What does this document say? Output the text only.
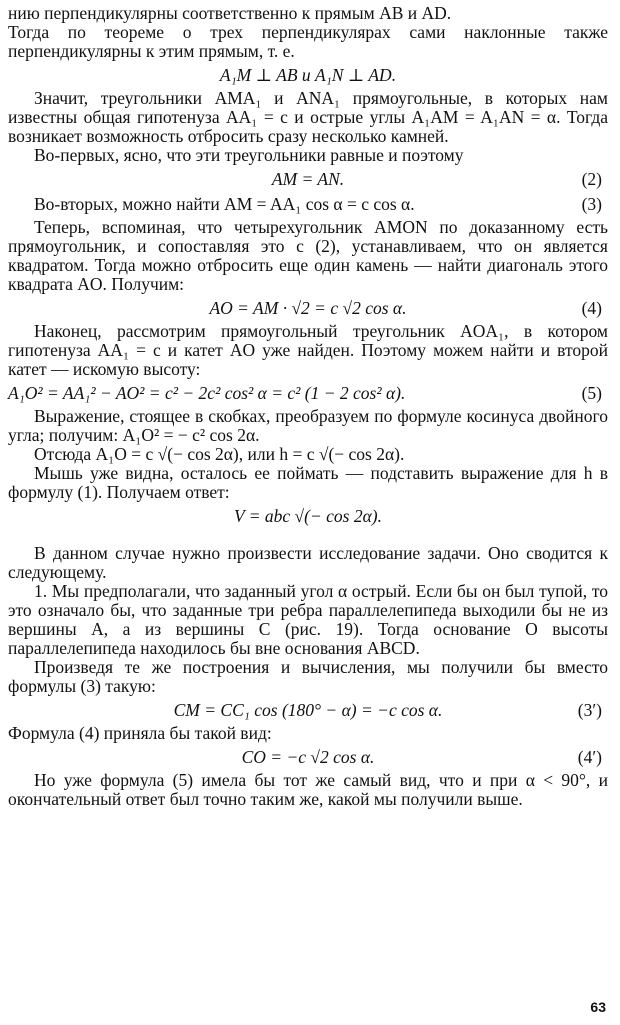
нию перпендикулярны соответственно к прямым AB и AD.

Тогда по теореме о трех перпендикулярах сами наклонные также перпендикулярны к этим прямым, т. е.

A₁M ⊥ AB и A₁N ⊥ AD.

Значит, треугольники AMA₁ и ANA₁ прямоугольные, в которых нам известны общая гипотенуза AA₁ = c и острые углы A₁AM = A₁AN = α. Тогда возникает возможность отбросить сразу несколько камней.

Во-первых, ясно, что эти треугольники равные и поэтому

AM = AN.	(2)
Во-вторых, можно найти AM = AA₁ cos α = c cos α.	(3)

Теперь, вспоминая, что четырехугольник AMON по доказанному есть прямоугольник, и сопоставляя это с (2), устанавливаем, что он является квадратом. Тогда можно отбросить еще один камень — найти диагональ этого квадрата AO. Получим:

AO = AM · √2 = c √2 cos α.	(4)

Наконец, рассмотрим прямоугольный треугольник AOA₁, в котором гипотенуза AA₁ = c и катет AO уже найден. Поэтому можем найти и второй катет — искомую высоту:

A₁O² = AA₁² − AO² = c² − 2c² cos² α = c² (1 − 2 cos² α).	(5)

Выражение, стоящее в скобках, преобразуем по формуле косинуса двойного угла; получим: A₁O² = − c² cos 2α.

Отсюда A₁O = c √(− cos 2α), или h = c √(− cos 2α).

Мышь уже видна, осталось ее поймать — подставить выражение для h в формулу (1). Получаем ответ:

V = abc √(− cos 2α).

В данном случае нужно произвести исследование задачи. Оно сводится к следующему.

1. Мы предполагали, что заданный угол α острый. Если бы он был тупой, то это означало бы, что заданные три ребра параллелепипеда выходили бы не из вершины A, а из вершины C (рис. 19). Тогда основание O высоты параллелепипеда находилось бы вне основания ABCD.

Произведя те же построения и вычисления, мы получили бы вместо формулы (3) такую:

CM = CC₁ cos (180° − α) = −c cos α.	(3′)

Формула (4) приняла бы такой вид:

CO = −c √2 cos α.	(4′)

Но уже формула (5) имела бы тот же самый вид, что и при α < 90°, и окончательный ответ был точно таким же, какой мы получили выше.

63
